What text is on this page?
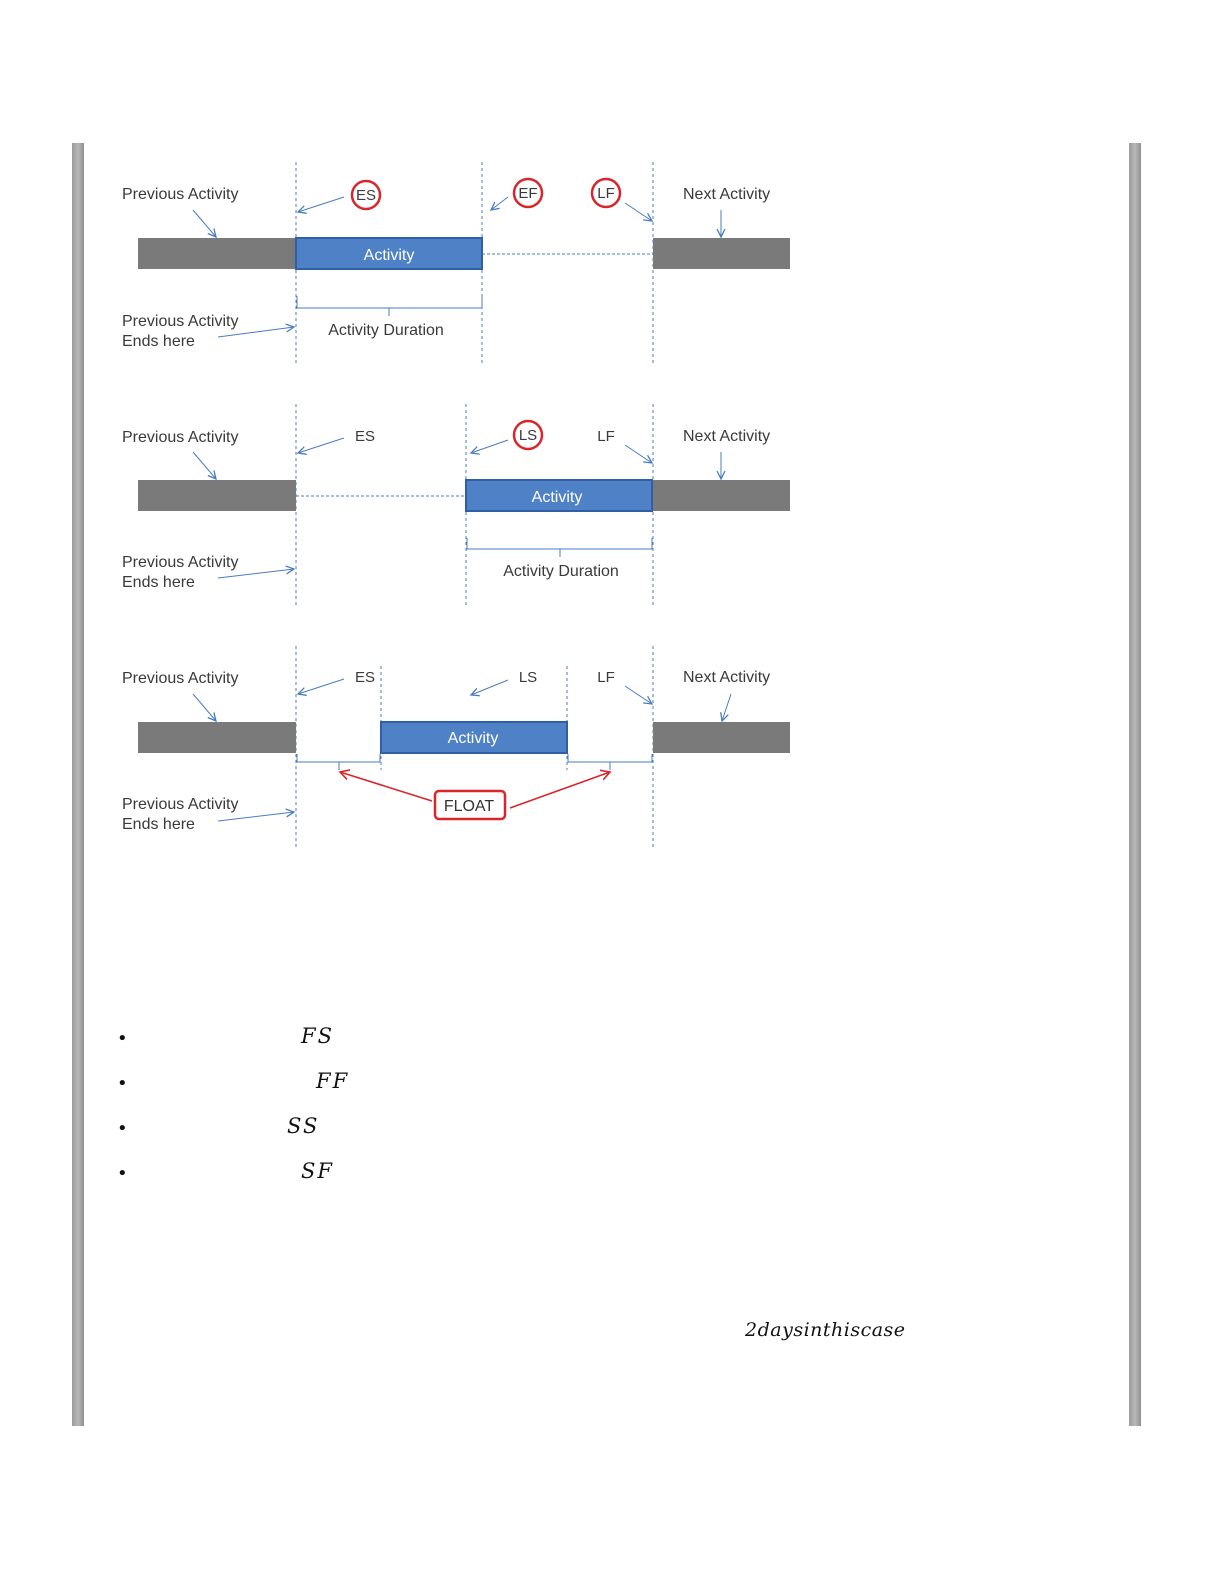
Activity
Previous Activity	Next Activity
ES	EF	LF
Activity Duration
Previous Activity
Ends here
Activity
Previous Activity	Next Activity
ES	LS	LF
Activity Duration
Previous Activity
Ends here
Activity
Previous Activity	Next Activity
ES	LS	LF
FLOAT
Previous Activity
Ends here
•	FS
•	FF
•	SS
•	SF
2daysinthiscase
